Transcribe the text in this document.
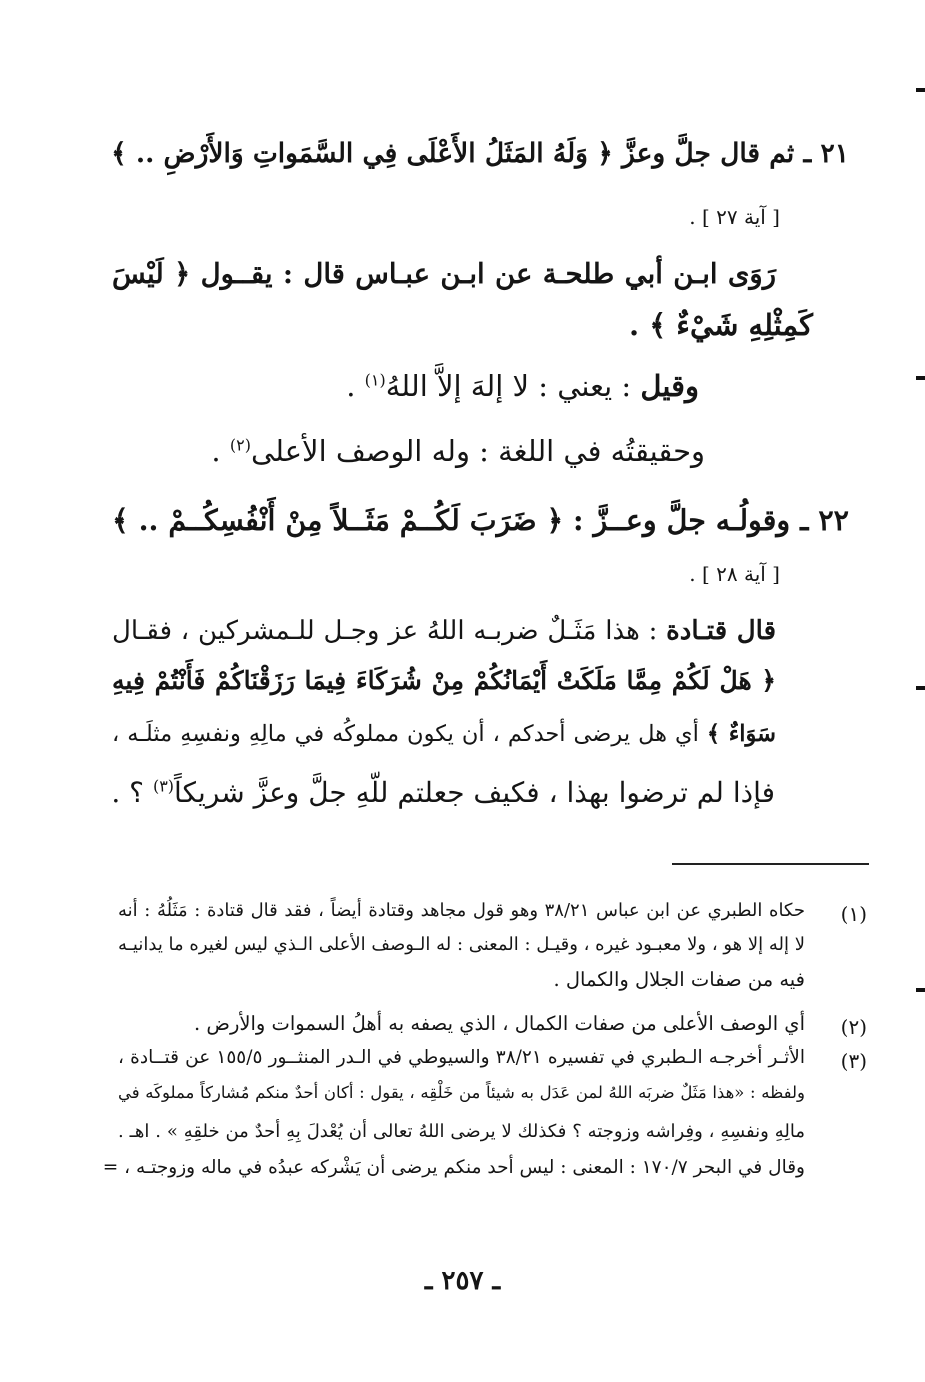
٢١ ـ ثم قال جلَّ وعزَّ ﴿ وَلَهُ المَثَلُ الأَعْلَى فِي السَّمَواتِ وَالأَرْضِ .. ﴾
[ آية ٢٧ ] .
رَوَى ابـن أبي طلحـة عن ابـن عبـاس قال : يقــول ﴿ لَيْسَ
كَمِثْلِهِ شَيْءٌ ﴾ .
وقيل : يعني : لا إلهَ إلاَّ اللهُ$^{(١)}$ .
وحقيقتُه في اللغة : وله الوصف الأعلى$^{(٢)}$ .
٢٢ ـ وقولُـه جلَّ وعــزَّ : ﴿ ضَرَبَ لَكُــمْ مَثَــلاً مِنْ أَنْفُسِكُــمْ .. ﴾
[ آية ٢٨ ] .
قال قتـادة : هذا مَثَـلٌ ضربـه اللهُ عز وجـل للـمشركين ، فقـال
﴿ هَلْ لَكُمْ مِمَّا مَلَكَتْ أَيْمَانُكُمْ مِنْ شُرَكَاءَ فِيمَا رَزَقْنَاكُمْ فَأَنْتُمْ فِيهِ
سَوَاءٌ ﴾ أي هل يرضى أحدكم ، أن يكون مملوكُه في مالِهِ ونفسِهِ مثلَـه ،
فإذا لم ترضوا بهذا ، فكيف جعلتم للّهِ جلَّ وعزَّ شريكاً$^{(٣)}$ ؟ .
(١)
حكاه الطبري عن ابن عباس ٣٨/٢١ وهو قول مجاهد وقتادة أيضاً ، فقد قال قتادة : مَثَلُهُ : أنه
لا إله إلا هو ، ولا معبـود غيره ، وقيـل : المعنى : له الـوصف الأعلى الـذي ليس لغيره ما يدانيـه
فيه من صفات الجلال والكمال .
(٢)
أي الوصف الأعلى من صفات الكمال ، الذي يصفه به أهلُ السموات والأرض .
(٣)
الأثـر أخرجـه الـطبري في تفسيره ٣٨/٢١ والسيوطي في الـدر المنثــور ١٥٥/٥ عن قتــادة ،
ولفظه : «هذا مَثَلٌ ضربَه اللهُ لمن عَدَل به شيئاً من خَلْقِه ، يقول : أكان أحدٌ منكم مُشاركاً مملوكَه في
مالِهِ ونفسِهِ ، وفِراشه وزوجته ؟ فكذلك لا يرضى اللهُ تعالى أن يُعْدلَ بِهِ أحدٌ من خلقِهِ » . اهـ .
وقال في البحر ١٧٠/٧ : المعنى : ليس أحد منكم يرضى أن يَشْركه عبدُه في ماله وزوجتـه ، =
ـ ٢٥٧ ـ
